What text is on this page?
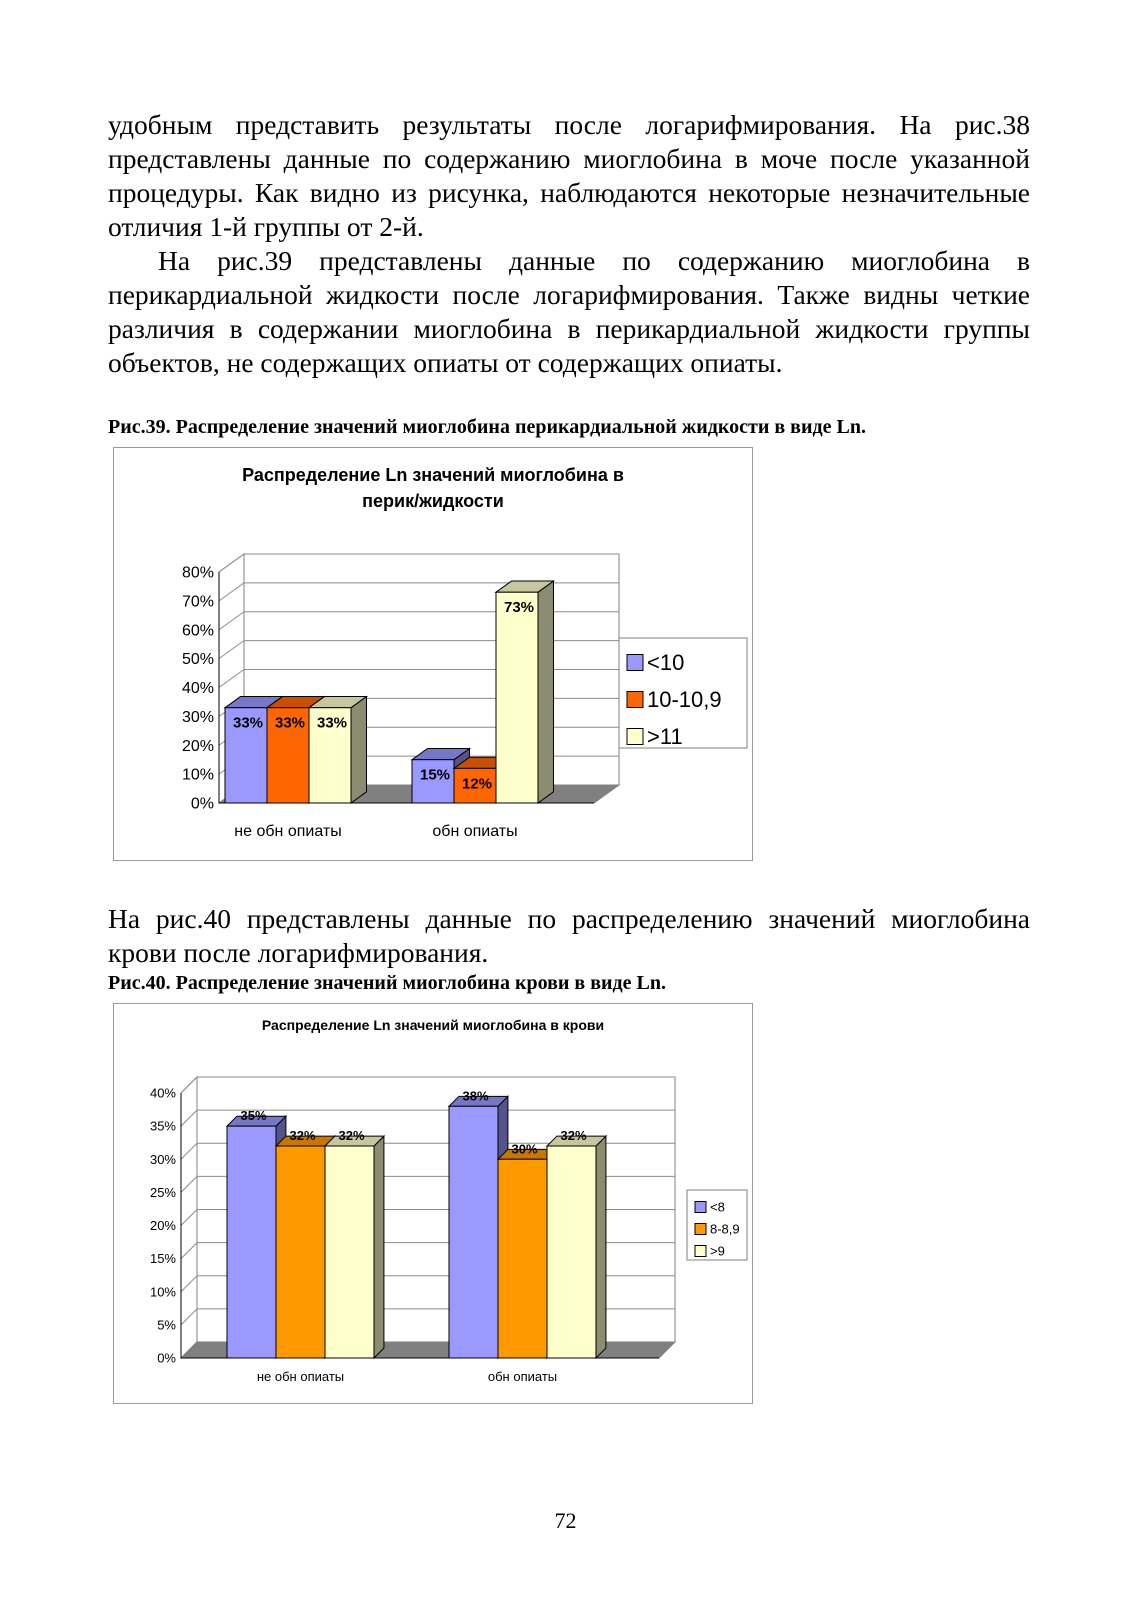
удобным представить результаты после логарифмирования. На рис.38 представлены данные по содержанию миоглобина в моче после указанной процедуры. Как видно из рисунка, наблюдаются некоторые незначительные отличия 1-й группы от 2-й.

На рис.39 представлены данные по содержанию миоглобина в перикардиальной жидкости после логарифмирования. Также видны четкие различия в содержании миоглобина в перикардиальной жидкости группы объектов, не содержащих опиаты от содержащих опиаты.

Рис.39. Распределение значений миоглобина перикардиальной жидкости в виде Ln.

Распределение Ln значений миоглобина в
перик/жидкости
0%
10%
20%
30%
40%
50%
60%
70%
80%
33% 33% 33%
не обн опиаты
15%
12%
73%
обн опиаты
<10
10-10,9
>11

На рис.40 представлены данные по распределению значений миоглобина крови после логарифмирования.

Рис.40. Распределение значений миоглобина крови в виде Ln.

Распределение Ln значений миоглобина в крови
0%
5%
10%
15%
20%
25%
30%
35%
40%
35%
32% 32%
не обн опиаты
38%
30%
32%
обн опиаты
<8
8-8,9
>9
72
